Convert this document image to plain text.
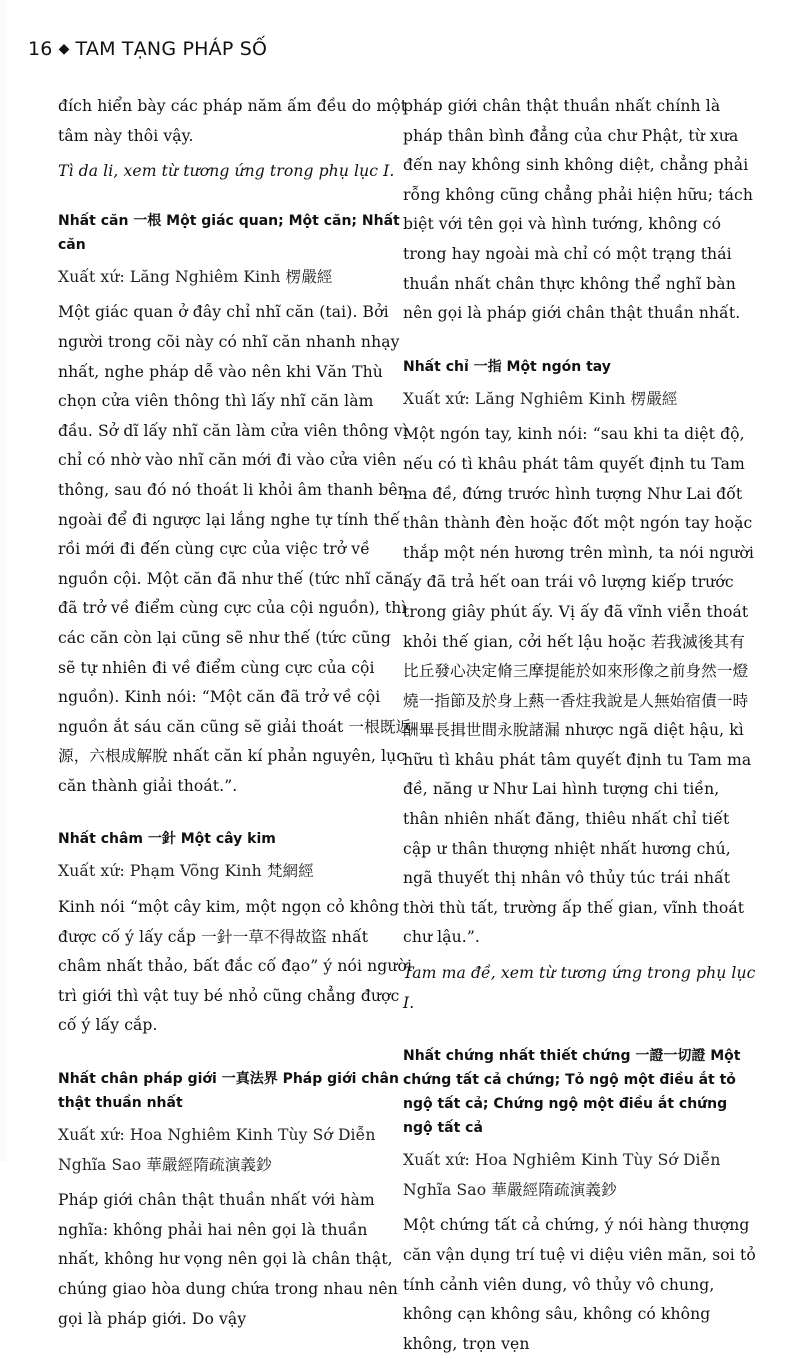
16 ◆ TAM TẠNG PHÁP SỐ

đích hiển bày các pháp năm ấm đều do một tâm này thôi vậy.

Tì da li, xem từ tương ứng trong phụ lục I.

Nhất căn 一根 Một giác quan; Một căn; Nhất căn

Xuất xứ: Lăng Nghiêm Kinh 楞嚴經

Một giác quan ở đây chỉ nhĩ căn (tai). Bởi người trong cõi này có nhĩ căn nhanh nhạy nhất, nghe pháp dễ vào nên khi Văn Thù chọn cửa viên thông thì lấy nhĩ căn làm đầu. Sở dĩ lấy nhĩ căn làm cửa viên thông vì chỉ có nhờ vào nhĩ căn mới đi vào cửa viên thông, sau đó nó thoát li khỏi âm thanh bên ngoài để đi ngược lại lắng nghe tự tính thế rồi mới đi đến cùng cực của việc trở về nguồn cội. Một căn đã như thế (tức nhĩ căn đã trở về điểm cùng cực của cội nguồn), thì các căn còn lại cũng sẽ như thế (tức cũng sẽ tự nhiên đi về điểm cùng cực của cội nguồn). Kinh nói: “Một căn đã trở về cội nguồn ắt sáu căn cũng sẽ giải thoát 一根既返源，六根成解脫 nhất căn kí phản nguyên, lục căn thành giải thoát.”.

Nhất châm 一針 Một cây kim

Xuất xứ: Phạm Võng Kinh 梵網經

Kinh nói “một cây kim, một ngọn cỏ không được cố ý lấy cắp 一針一草不得故盜 nhất châm nhất thảo, bất đắc cố đạo” ý nói người trì giới thì vật tuy bé nhỏ cũng chẳng được cố ý lấy cắp.

Nhất chân pháp giới 一真法界 Pháp giới chân thật thuần nhất

Xuất xứ: Hoa Nghiêm Kinh Tùy Sớ Diễn Nghĩa Sao 華嚴經隋疏演義鈔

Pháp giới chân thật thuần nhất với hàm nghĩa: không phải hai nên gọi là thuần nhất, không hư vọng nên gọi là chân thật, chúng giao hòa dung chứa trong nhau nên gọi là pháp giới. Do vậy

pháp giới chân thật thuần nhất chính là pháp thân bình đẳng của chư Phật, từ xưa đến nay không sinh không diệt, chẳng phải rỗng không cũng chẳng phải hiện hữu; tách biệt với tên gọi và hình tướng, không có trong hay ngoài mà chỉ có một trạng thái thuần nhất chân thực không thể nghĩ bàn nên gọi là pháp giới chân thật thuần nhất.

Nhất chỉ 一指 Một ngón tay

Xuất xứ: Lăng Nghiêm Kinh 楞嚴經

Một ngón tay, kinh nói: “sau khi ta diệt độ, nếu có tì khâu phát tâm quyết định tu Tam ma đề, đứng trước hình tượng Như Lai đốt thân thành đèn hoặc đốt một ngón tay hoặc thắp một nén hương trên mình, ta nói người ấy đã trả hết oan trái vô lượng kiếp trước trong giây phút ấy. Vị ấy đã vĩnh viễn thoát khỏi thế gian, cởi hết lậu hoặc 若我滅後其有比丘發心决定脩三摩提能於如來形像之前身然一燈燒一指節及於身上爇一香炷我說是人無始宿債一時酬畢長揖世間永脫諸漏 nhược ngã diệt hậu, kì hữu tì khâu phát tâm quyết định tu Tam ma đề, năng ư Như Lai hình tượng chi tiền, thân nhiên nhất đăng, thiêu nhất chỉ tiết cập ư thân thượng nhiệt nhất hương chú, ngã thuyết thị nhân vô thủy túc trái nhất thời thù tất, trường ấp thế gian, vĩnh thoát chư lậu.”.

Tam ma đề, xem từ tương ứng trong phụ lục I.

Nhất chứng nhất thiết chứng 一證一切證 Một chứng tất cả chứng; Tỏ ngộ một điều ắt tỏ ngộ tất cả; Chứng ngộ một điều ắt chứng ngộ tất cả

Xuất xứ: Hoa Nghiêm Kinh Tùy Sớ Diễn Nghĩa Sao 華嚴經隋疏演義鈔

Một chứng tất cả chứng, ý nói hàng thượng căn vận dụng trí tuệ vi diệu viên mãn, soi tỏ tính cảnh viên dung, vô thủy vô chung, không cạn không sâu, không có không không, trọn vẹn
